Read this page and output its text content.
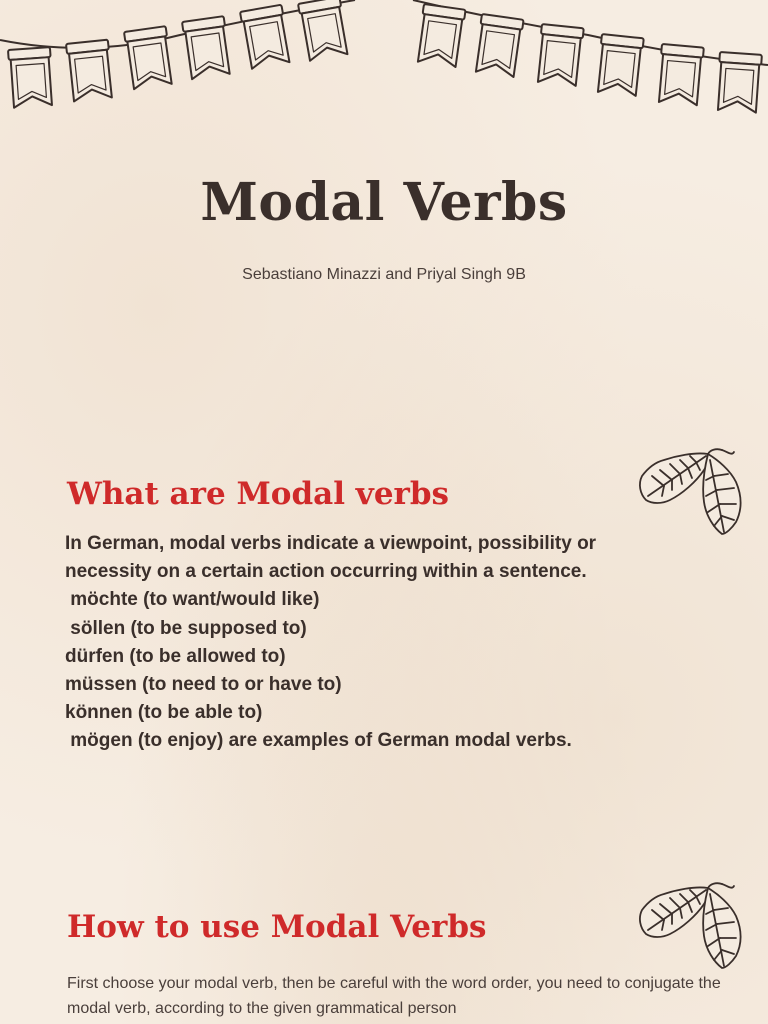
Modal Verbs
Sebastiano Minazzi and Priyal Singh 9B
What are Modal verbs
In German, modal verbs indicate a viewpoint, possibility or
necessity on a certain action occurring within a sentence.
möchte (to want/would like)
söllen (to be supposed to)
dürfen (to be allowed to)
müssen (to need to or have to)
können (to be able to)
mögen (to enjoy) are examples of German modal verbs.
How to use Modal Verbs
First choose your modal verb, then be careful with the word order, you need to conjugate the modal verb, according to the given grammatical person
